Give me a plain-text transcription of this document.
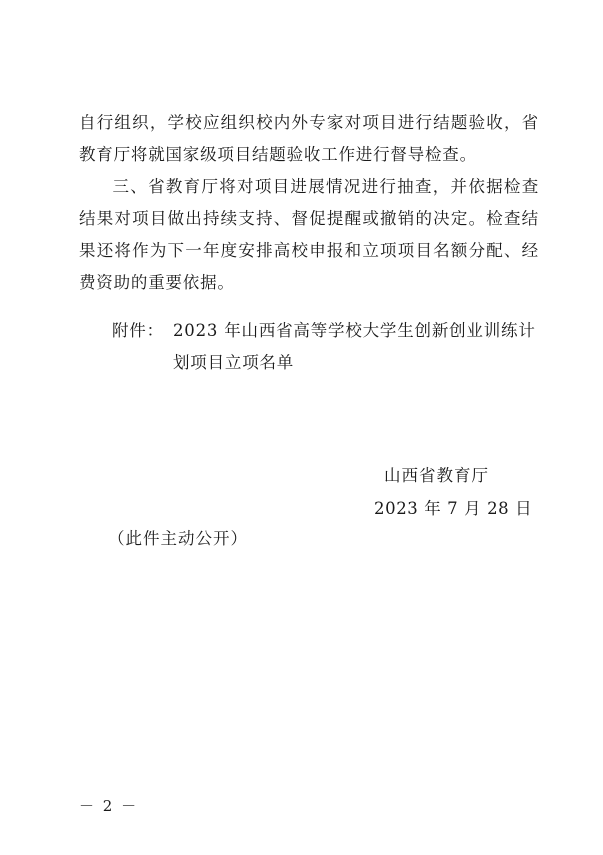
自行组织，学校应组织校内外专家对项目进行结题验收，省教育厅将就国家级项目结题验收工作进行督导检查。

三、省教育厅将对项目进展情况进行抽查，并依据检查结果对项目做出持续支持、督促提醒或撤销的决定。检查结果还将作为下一年度安排高校申报和立项项目名额分配、经费资助的重要依据。

附件： 2023 年山西省高等学校大学生创新创业训练计划项目立项名单
山西省教育厅
2023 年 7 月 28 日
（此件主动公开）
－ 2 －
